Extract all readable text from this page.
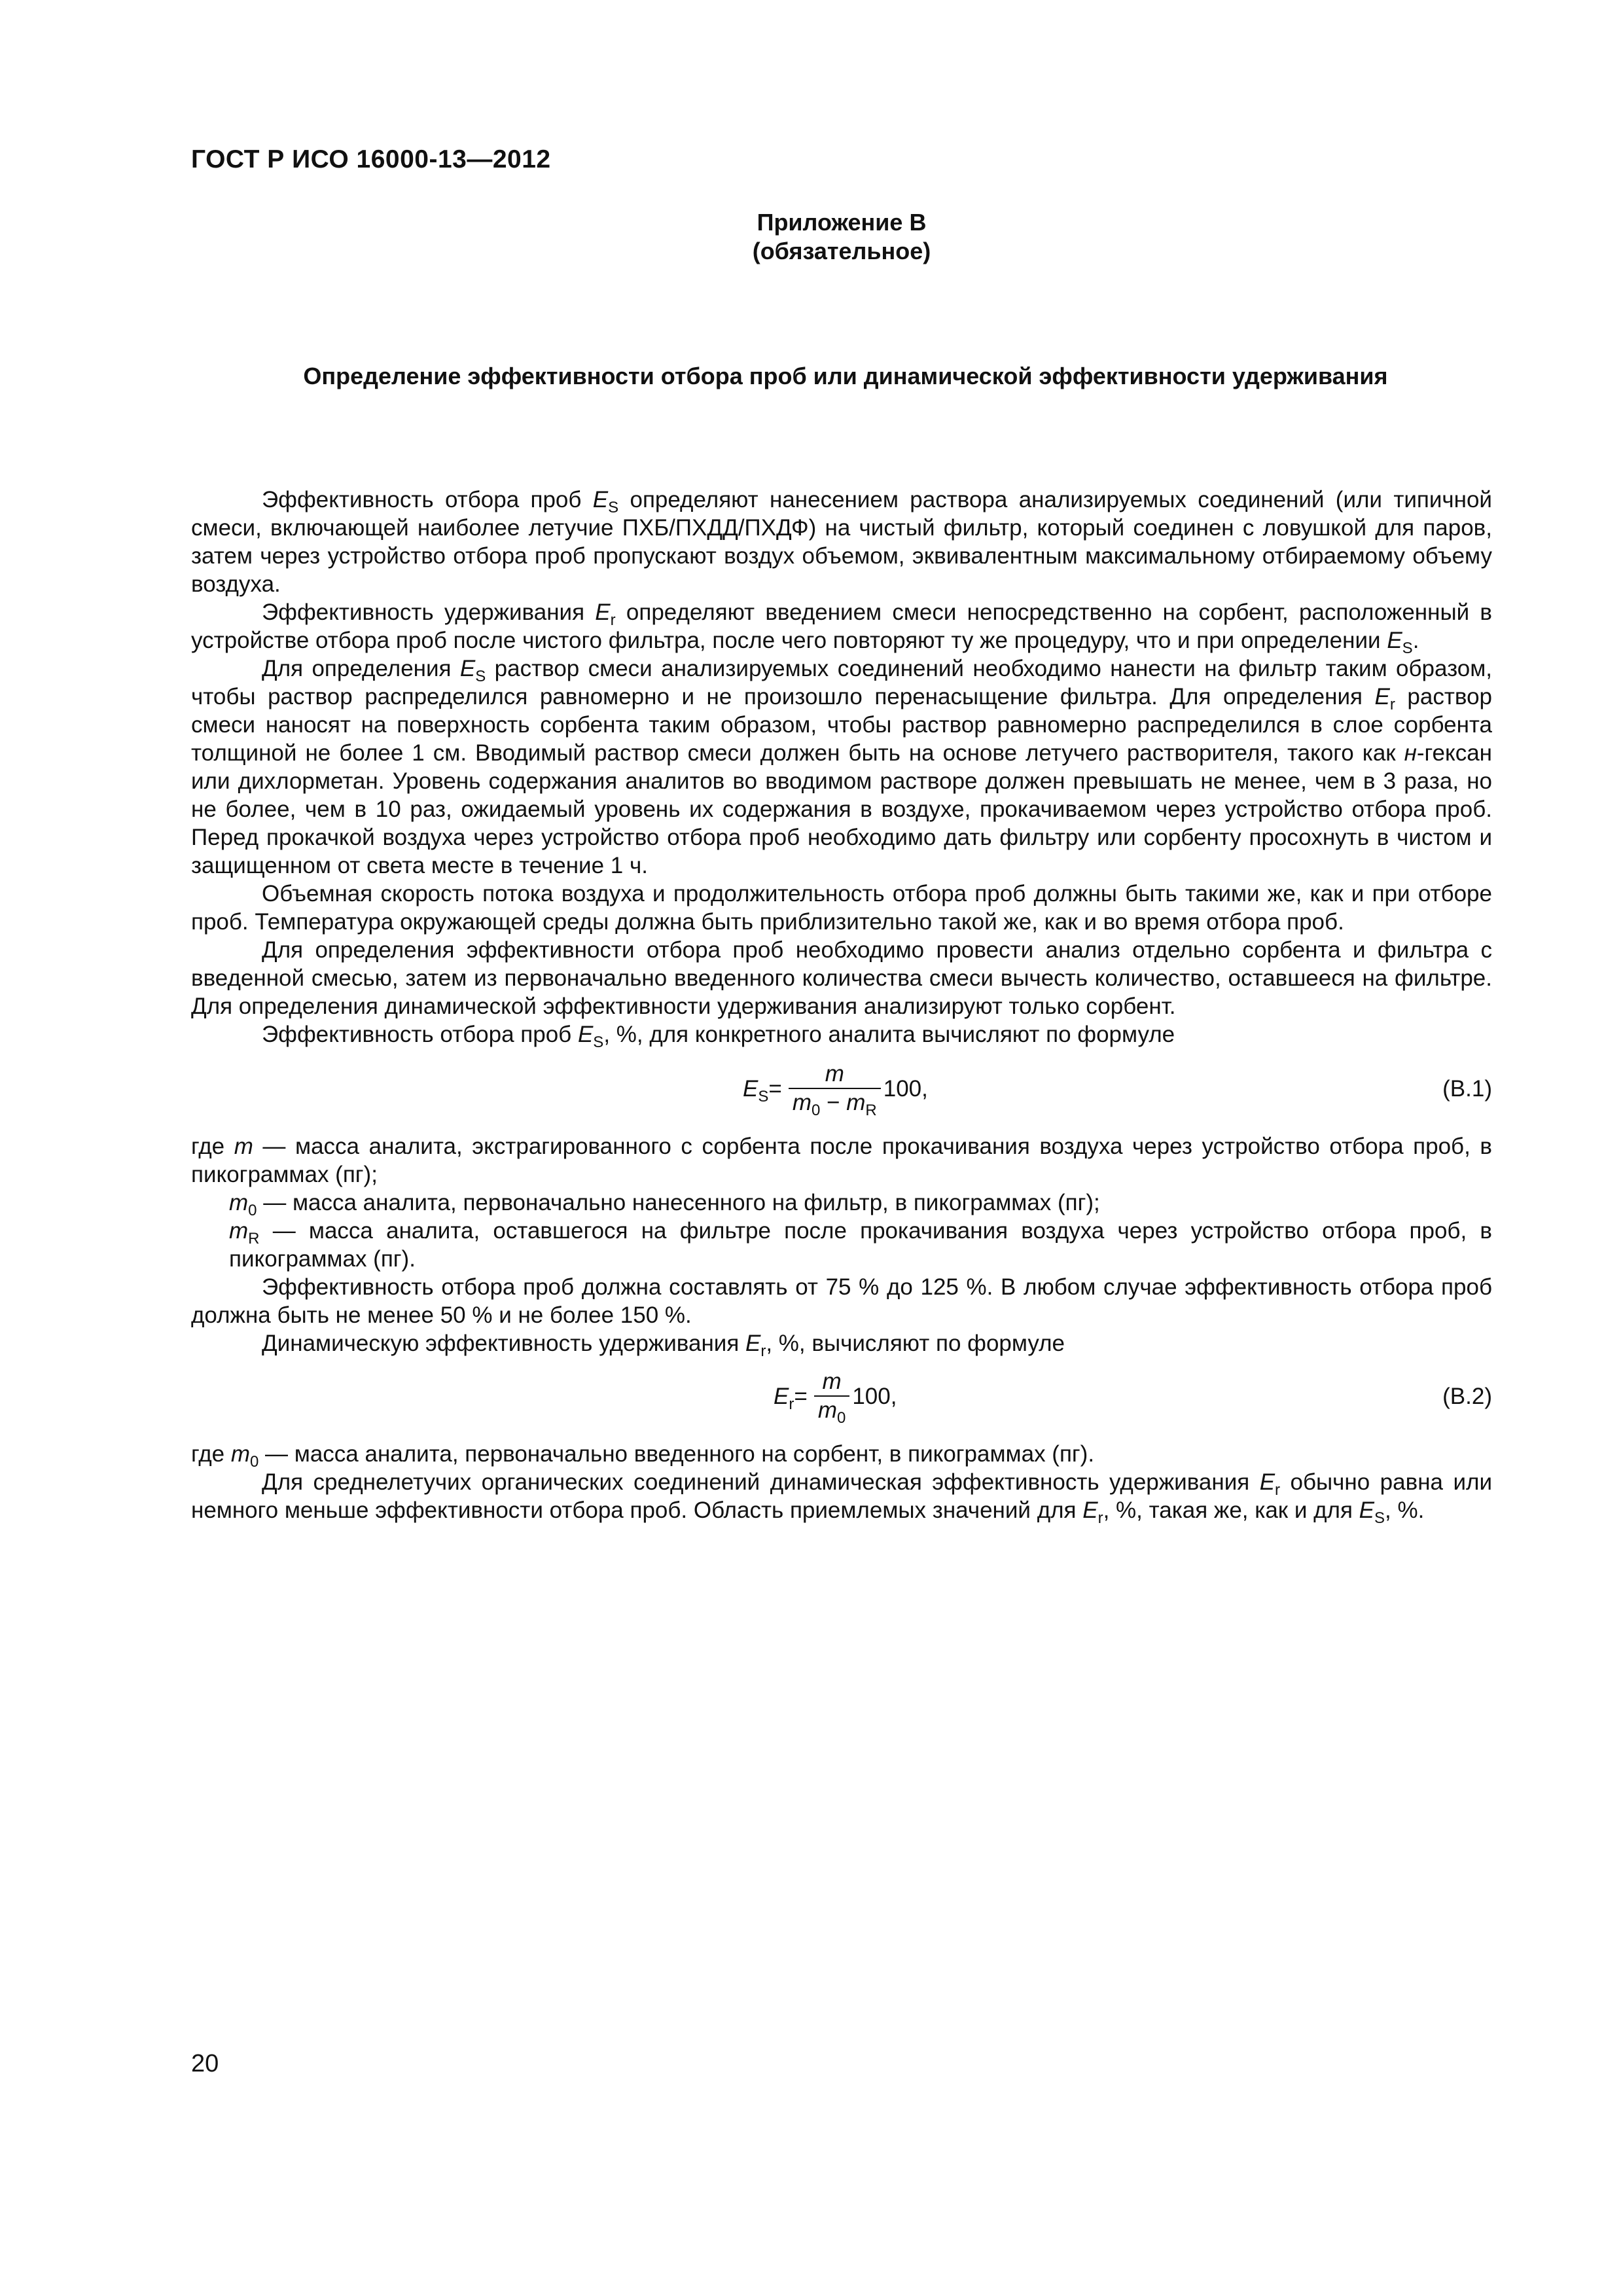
ГОСТ Р ИСО 16000-13—2012
Приложение В
(обязательное)
Определение эффективности отбора проб или динамической эффективности удерживания

Эффективность отбора проб $E_S$ определяют нанесением раствора анализируемых соединений (или типичной смеси, включающей наиболее летучие ПХБ/ПХДД/ПХДФ) на чистый фильтр, который соединен с ловушкой для паров, затем через устройство отбора проб пропускают воздух объемом, эквивалентным максимальному отбираемому объему воздуха.

Эффективность удерживания $E_r$ определяют введением смеси непосредственно на сорбент, расположенный в устройстве отбора проб после чистого фильтра, после чего повторяют ту же процедуру, что и при определении $E_S$.

Для определения $E_S$ раствор смеси анализируемых соединений необходимо нанести на фильтр таким образом, чтобы раствор распределился равномерно и не произошло перенасыщение фильтра. Для определения $E_r$ раствор смеси наносят на поверхность сорбента таким образом, чтобы раствор равномерно распределился в слое сорбента толщиной не более 1 см. Вводимый раствор смеси должен быть на основе летучего растворителя, такого как н-гексан или дихлорметан. Уровень содержания аналитов во вводимом растворе должен превышать не менее, чем в 3 раза, но не более, чем в 10 раз, ожидаемый уровень их содержания в воздухе, прокачиваемом через устройство отбора проб. Перед прокачкой воздуха через устройство отбора проб необходимо дать фильтру или сорбенту просохнуть в чистом и защищенном от света месте в течение 1 ч.

Объемная скорость потока воздуха и продолжительность отбора проб должны быть такими же, как и при отборе проб. Температура окружающей среды должна быть приблизительно такой же, как и во время отбора проб.

Для определения эффективности отбора проб необходимо провести анализ отдельно сорбента и фильтра с введенной смесью, затем из первоначально введенного количества смеси вычесть количество, оставшееся на фильтре. Для определения динамической эффективности удерживания анализируют только сорбент.

Эффективность отбора проб $E_S$, %, для конкретного аналита вычисляют по формуле

$E_S = \frac{m}{m_0 - m_R} 100$,	(B.1)

где m — масса аналита, экстрагированного с сорбента после прокачивания воздуха через устройство отбора проб, в пикограммах (пг);

$m_0$ — масса аналита, первоначально нанесенного на фильтр, в пикограммах (пг);

$m_R$ — масса аналита, оставшегося на фильтре после прокачивания воздуха через устройство отбора проб, в пикограммах (пг).

Эффективность отбора проб должна составлять от 75 % до 125 %. В любом случае эффективность отбора проб должна быть не менее 50 % и не более 150 %.

Динамическую эффективность удерживания $E_r$, %, вычисляют по формуле

$E_r = \frac{m}{m_0} 100$,	(B.2)

где $m_0$ — масса аналита, первоначально введенного на сорбент, в пикограммах (пг).

Для среднелетучих органических соединений динамическая эффективность удерживания $E_r$ обычно равна или немного меньше эффективности отбора проб. Область приемлемых значений для $E_r$, %, такая же, как и для $E_S$, %.

20
